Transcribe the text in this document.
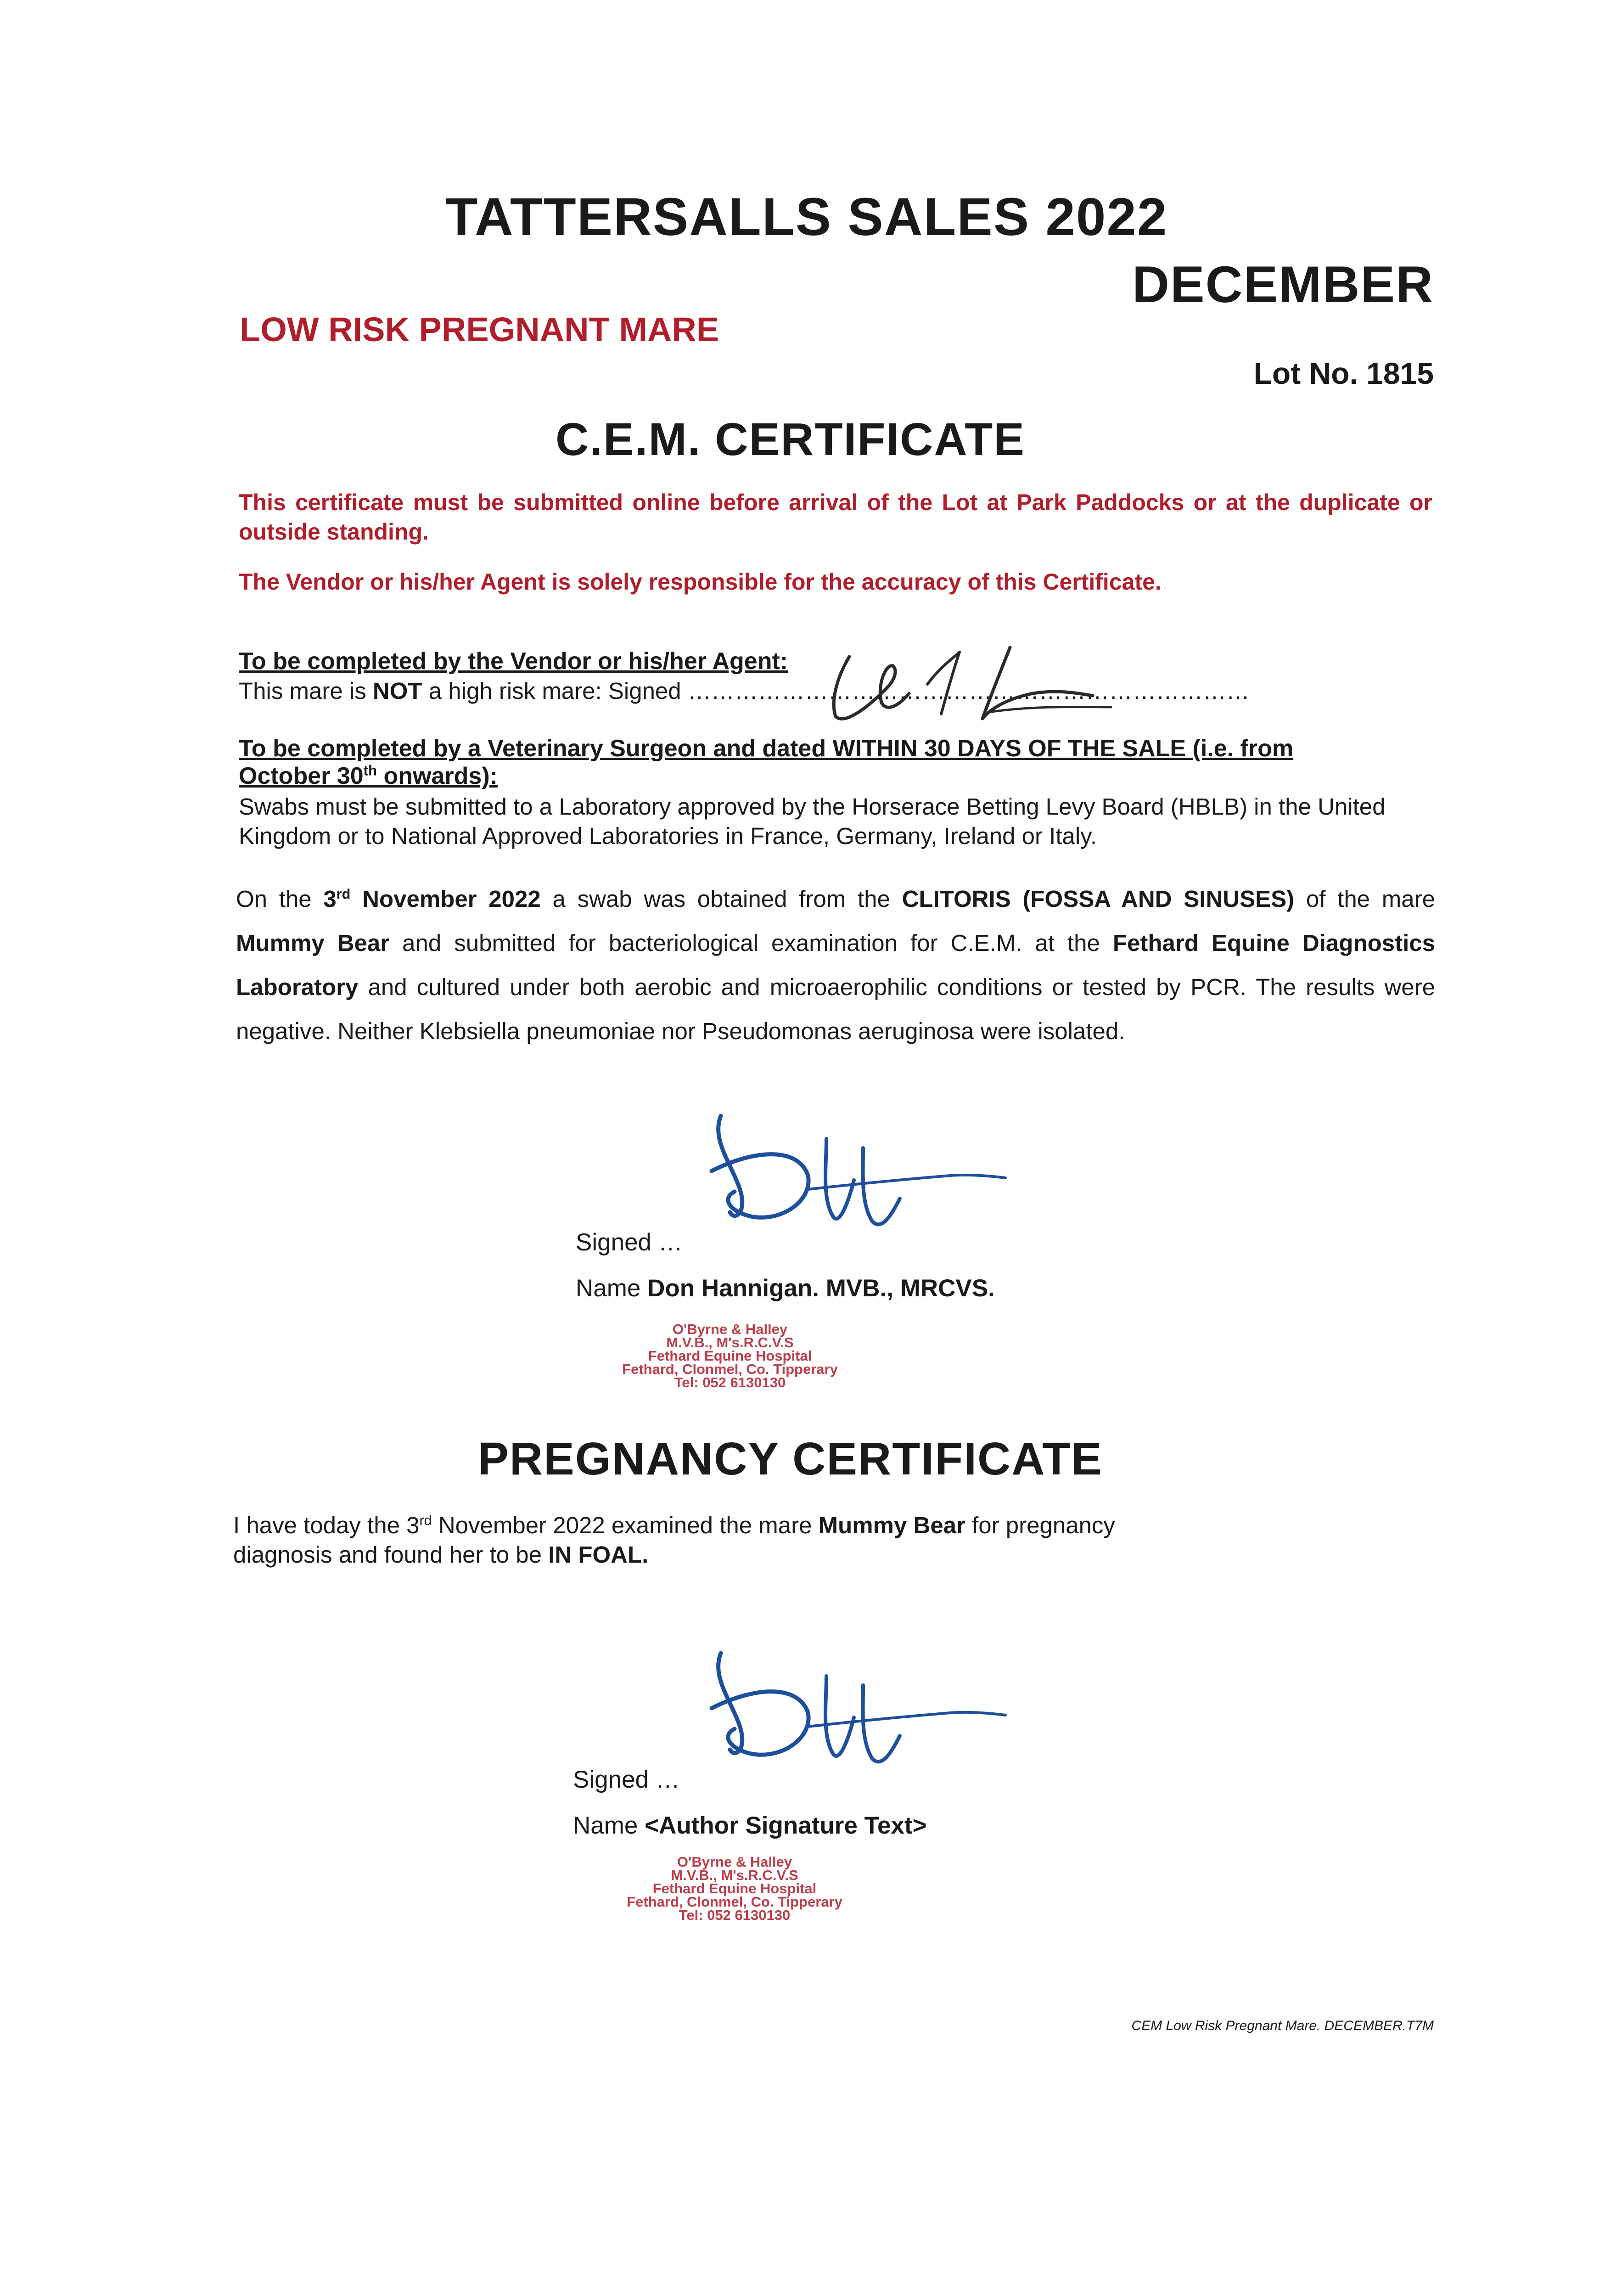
TATTERSALLS SALES 2022
DECEMBER
LOW RISK PREGNANT MARE
Lot No. 1815
C.E.M. CERTIFICATE
This certificate must be submitted online before arrival of the Lot at Park Paddocks or at the duplicate or outside standing.
The Vendor or his/her Agent is solely responsible for the accuracy of this Certificate.
To be completed by the Vendor or his/her Agent:
This mare is NOT a high risk mare: Signed ………………………………………………………………
To be completed by a Veterinary Surgeon and dated WITHIN 30 DAYS OF THE SALE (i.e. from
October 30th onwards):
Swabs must be submitted to a Laboratory approved by the Horserace Betting Levy Board (HBLB) in the United Kingdom or to National Approved Laboratories in France, Germany, Ireland or Italy.
On the 3rd November 2022 a swab was obtained from the CLITORIS (FOSSA AND SINUSES) of the mare Mummy Bear and submitted for bacteriological examination for C.E.M. at the Fethard Equine Diagnostics Laboratory and cultured under both aerobic and microaerophilic conditions or tested by PCR. The results were negative. Neither Klebsiella pneumoniae nor Pseudomonas aeruginosa were isolated.
Signed …
Name Don Hannigan. MVB., MRCVS.
O'Byrne & Halley
M.V.B., M's.R.C.V.S
Fethard Equine Hospital
Fethard, Clonmel, Co. Tipperary
Tel: 052 6130130
PREGNANCY CERTIFICATE
I have today the 3rd November 2022 examined the mare Mummy Bear for pregnancy diagnosis and found her to be IN FOAL.
Signed …
Name <Author Signature Text>
O'Byrne & Halley
M.V.B., M's.R.C.V.S
Fethard Equine Hospital
Fethard, Clonmel, Co. Tipperary
Tel: 052 6130130
CEM Low Risk Pregnant Mare. DECEMBER.T7M
